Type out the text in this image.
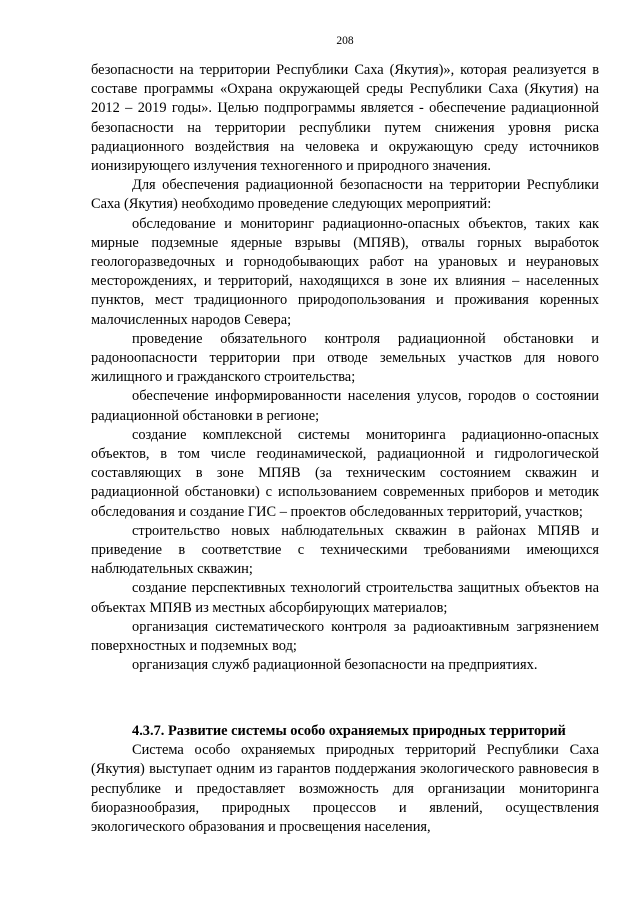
208

безопасности на территории Республики Саха (Якутия)», которая реализуется в составе программы «Охрана окружающей среды Республики Саха (Якутия) на 2012 – 2019 годы». Целью подпрограммы является - обеспечение радиационной безопасности на территории республики путем снижения уровня риска радиационного воздействия на человека и окружающую среду источников ионизирующего излучения техногенного и природного значения.

Для обеспечения радиационной безопасности на территории Республики Саха (Якутия) необходимо проведение следующих мероприятий:

обследование и мониторинг радиационно-опасных объектов, таких как мирные подземные ядерные взрывы (МПЯВ), отвалы горных выработок геологоразведочных и горнодобывающих работ на урановых и неурановых месторождениях, и территорий, находящихся в зоне их влияния – населенных пунктов, мест традиционного природопользования и проживания коренных малочисленных народов Севера;

проведение обязательного контроля радиационной обстановки и радоноопасности территории при отводе земельных участков для нового жилищного и гражданского строительства;

обеспечение информированности населения улусов, городов о состоянии радиационной обстановки в регионе;

создание комплексной системы мониторинга радиационно-опасных объектов, в том числе геодинамической, радиационной и гидрологической составляющих в зоне МПЯВ (за техническим состоянием скважин и радиационной обстановки) с использованием современных приборов и методик обследования и создание ГИС – проектов обследованных территорий, участков;

строительство новых наблюдательных скважин в районах МПЯВ и приведение в соответствие с техническими требованиями имеющихся наблюдательных скважин;

создание перспективных технологий строительства защитных объектов на объектах МПЯВ из местных абсорбирующих материалов;

организация систематического контроля за радиоактивным загрязнением поверхностных и подземных вод;

организация служб радиационной безопасности на предприятиях.

4.3.7. Развитие системы особо охраняемых природных территорий

Система особо охраняемых природных территорий Республики Саха (Якутия) выступает одним из гарантов поддержания экологического равновесия в республике и предоставляет возможность для организации мониторинга биоразнообразия, природных процессов и явлений, осуществления экологического образования и просвещения населения,
